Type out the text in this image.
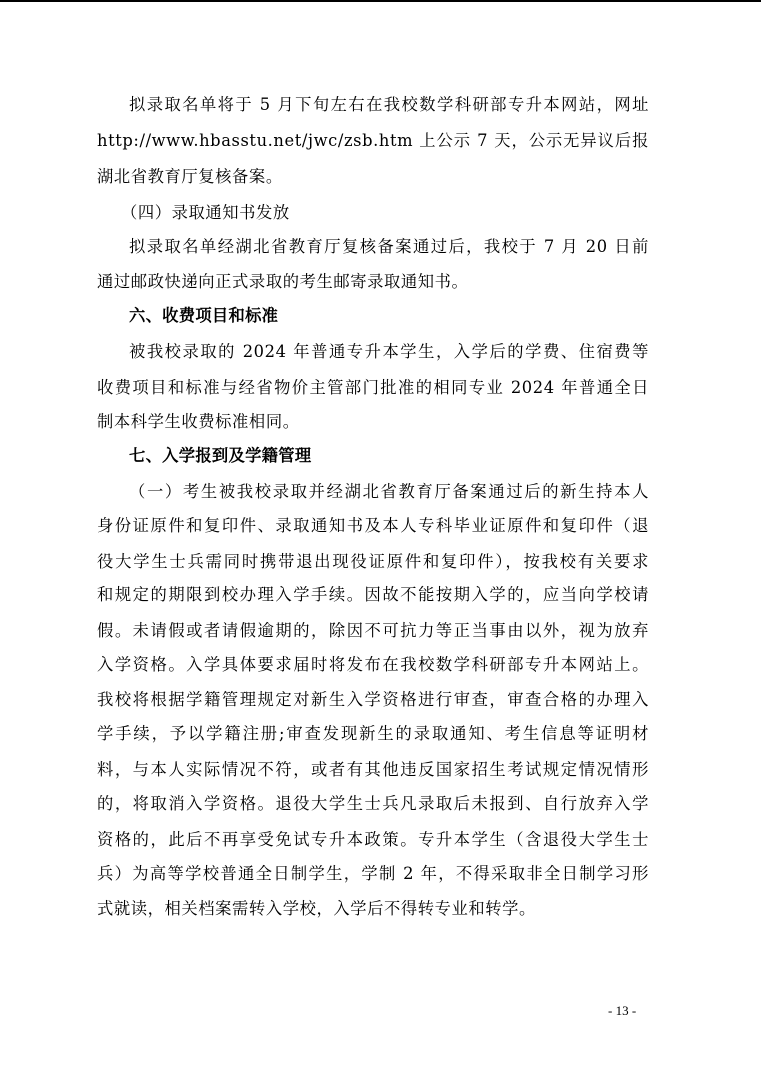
拟录取名单将于 5 月下旬左右在我校数学科研部专升本网站，网址
http://www.hbasstu.net/jwc/zsb.htm 上公示 7 天，公示无异议后报
湖北省教育厅复核备案。
（四）录取通知书发放
拟录取名单经湖北省教育厅复核备案通过后，我校于 7 月 20 日前
通过邮政快递向正式录取的考生邮寄录取通知书。
六、收费项目和标准
被我校录取的 2024 年普通专升本学生，入学后的学费、住宿费等
收费项目和标准与经省物价主管部门批准的相同专业 2024 年普通全日
制本科学生收费标准相同。
七、入学报到及学籍管理
（一）考生被我校录取并经湖北省教育厅备案通过后的新生持本人
身份证原件和复印件、录取通知书及本人专科毕业证原件和复印件（退
役大学生士兵需同时携带退出现役证原件和复印件），按我校有关要求
和规定的期限到校办理入学手续。因故不能按期入学的，应当向学校请
假。未请假或者请假逾期的，除因不可抗力等正当事由以外，视为放弃
入学资格。入学具体要求届时将发布在我校数学科研部专升本网站上。
我校将根据学籍管理规定对新生入学资格进行审查，审查合格的办理入
学手续，予以学籍注册;审查发现新生的录取通知、考生信息等证明材
料，与本人实际情况不符，或者有其他违反国家招生考试规定情况情形
的，将取消入学资格。退役大学生士兵凡录取后未报到、自行放弃入学
资格的，此后不再享受免试专升本政策。专升本学生（含退役大学生士
兵）为高等学校普通全日制学生，学制 2 年，不得采取非全日制学习形
式就读，相关档案需转入学校，入学后不得转专业和转学。
- 13 -
